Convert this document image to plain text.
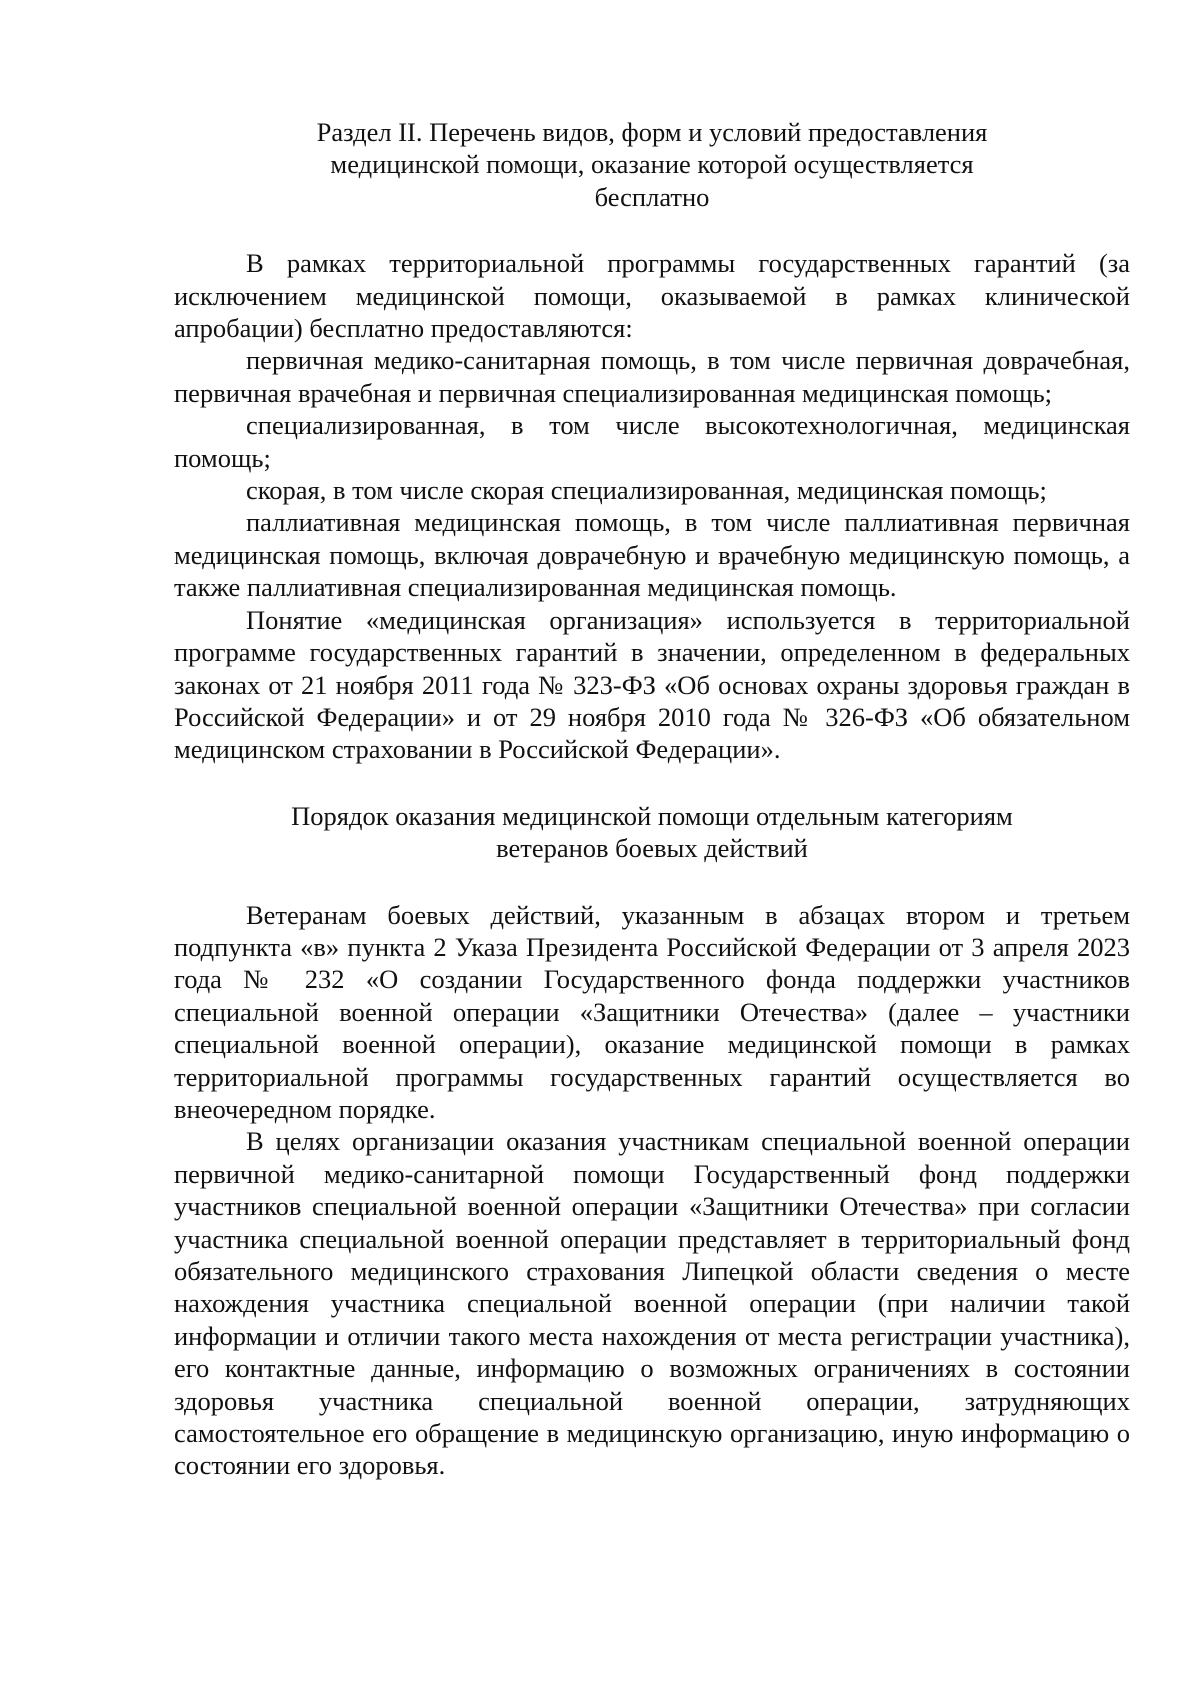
Раздел II. Перечень видов, форм и условий предоставления
медицинской помощи, оказание которой осуществляется
бесплатно

В рамках территориальной программы государственных гарантий (за исключением медицинской помощи, оказываемой в рамках клинической апробации) бесплатно предоставляются:

первичная медико-санитарная помощь, в том числе первичная доврачебная, первичная врачебная и первичная специализированная медицинская помощь;

специализированная, в том числе высокотехнологичная, медицинская помощь;

скорая, в том числе скорая специализированная, медицинская помощь;

паллиативная медицинская помощь, в том числе паллиативная первичная медицинская помощь, включая доврачебную и врачебную медицинскую помощь, а также паллиативная специализированная медицинская помощь.

Понятие «медицинская организация» используется в территориальной программе государственных гарантий в значении, определенном в федеральных законах от 21 ноября 2011 года № 323-ФЗ «Об основах охраны здоровья граждан в Российской Федерации» и от 29 ноября 2010 года № 326-ФЗ «Об обязательном медицинском страховании в Российской Федерации».

Порядок оказания медицинской помощи отдельным категориям
ветеранов боевых действий

Ветеранам боевых действий, указанным в абзацах втором и третьем подпункта «в» пункта 2 Указа Президента Российской Федерации от 3 апреля 2023 года № 232 «О создании Государственного фонда поддержки участников специальной военной операции «Защитники Отечества» (далее – участники специальной военной операции), оказание медицинской помощи в рамках территориальной программы государственных гарантий осуществляется во внеочередном порядке.

В целях организации оказания участникам специальной военной операции первичной медико-санитарной помощи Государственный фонд поддержки участников специальной военной операции «Защитники Отечества» при согласии участника специальной военной операции представляет в территориальный фонд обязательного медицинского страхования Липецкой области сведения о месте нахождения участника специальной военной операции (при наличии такой информации и отличии такого места нахождения от места регистрации участника), его контактные данные, информацию о возможных ограничениях в состоянии здоровья участника специальной военной операции, затрудняющих самостоятельное его обращение в медицинскую организацию, иную информацию о состоянии его здоровья.
